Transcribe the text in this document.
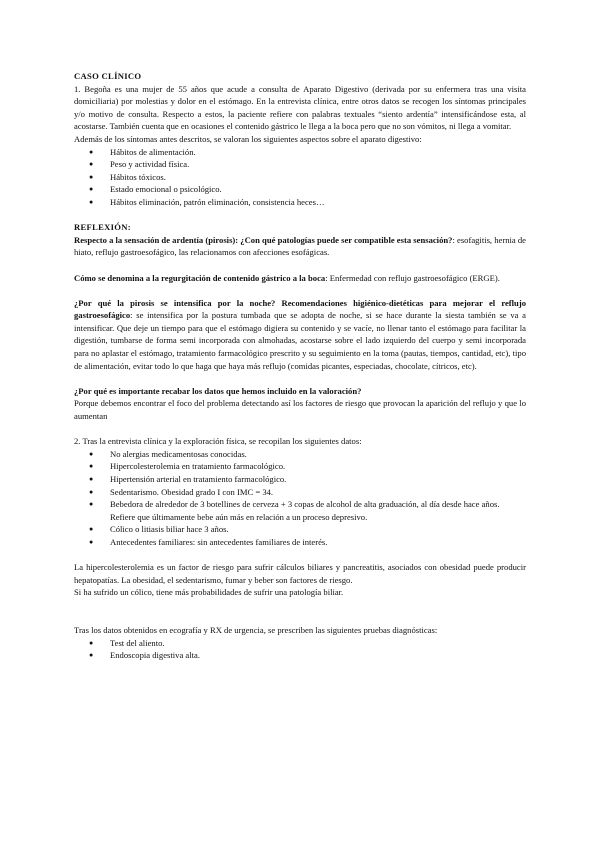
CASO CLÍNICO

1. Begoña es una mujer de 55 años que acude a consulta de Aparato Digestivo (derivada por su enfermera tras una visita domiciliaria) por molestias y dolor en el estómago. En la entrevista clínica, entre otros datos se recogen los síntomas principales y/o motivo de consulta. Respecto a estos, la paciente refiere con palabras textuales “siento ardentía” intensificándose esta, al acostarse. También cuenta que en ocasiones el contenido gástrico le llega a la boca pero que no son vómitos, ni llega a vomitar.

Además de los síntomas antes descritos, se valoran los siguientes aspectos sobre el aparato digestivo:

● Hábitos de alimentación.
● Peso y actividad física.
● Hábitos tóxicos.
● Estado emocional o psicológico.
● Hábitos eliminación, patrón eliminación, consistencia heces…

REFLEXIÓN:

Respecto a la sensación de ardentía (pirosis): ¿Con qué patologías puede ser compatible esta sensación?: esofagitis, hernia de hiato, reflujo gastroesofágico, las relacionamos con afecciones esofágicas.

Cómo se denomina a la regurgitación de contenido gástrico a la boca: Enfermedad con reflujo gastroesofágico (ERGE).

¿Por qué la pirosis se intensifica por la noche? Recomendaciones higiénico-dietéticas para mejorar el reflujo gastroesofágico: se intensifica por la postura tumbada que se adopta de noche, si se hace durante la siesta también se va a intensificar. Que deje un tiempo para que el estómago digiera su contenido y se vacíe, no llenar tanto el estómago para facilitar la digestión, tumbarse de forma semi incorporada con almohadas, acostarse sobre el lado izquierdo del cuerpo y semi incorporada para no aplastar el estómago, tratamiento farmacológico prescrito y su seguimiento en la toma (pautas, tiempos, cantidad, etc), tipo de alimentación, evitar todo lo que haga que haya más reflujo (comidas picantes, especiadas, chocolate, cítricos, etc).

¿Por qué es importante recabar los datos que hemos incluido en la valoración?

Porque debemos encontrar el foco del problema detectando así los factores de riesgo que provocan la aparición del reflujo y que lo aumentan

2. Tras la entrevista clínica y la exploración física, se recopilan los siguientes datos:

● No alergias medicamentosas conocidas.
● Hipercolesterolemia en tratamiento farmacológico.
● Hipertensión arterial en tratamiento farmacológico.
● Sedentarismo. Obesidad grado I con IMC = 34.
● Bebedora de alrededor de 3 botellines de cerveza + 3 copas de alcohol de alta graduación, al día desde hace años. Refiere que últimamente bebe aún más en relación a un proceso depresivo.
● Cólico o litiasis biliar hace 3 años.
● Antecedentes familiares: sin antecedentes familiares de interés.

La hipercolesterolemia es un factor de riesgo para sufrir cálculos biliares y pancreatitis, asociados con obesidad puede producir hepatopatías. La obesidad, el sedentarismo, fumar y beber son factores de riesgo.

Si ha sufrido un cólico, tiene más probabilidades de sufrir una patología biliar.

Tras los datos obtenidos en ecografía y RX de urgencia, se prescriben las siguientes pruebas diagnósticas:

● Test del aliento.
● Endoscopia digestiva alta.
